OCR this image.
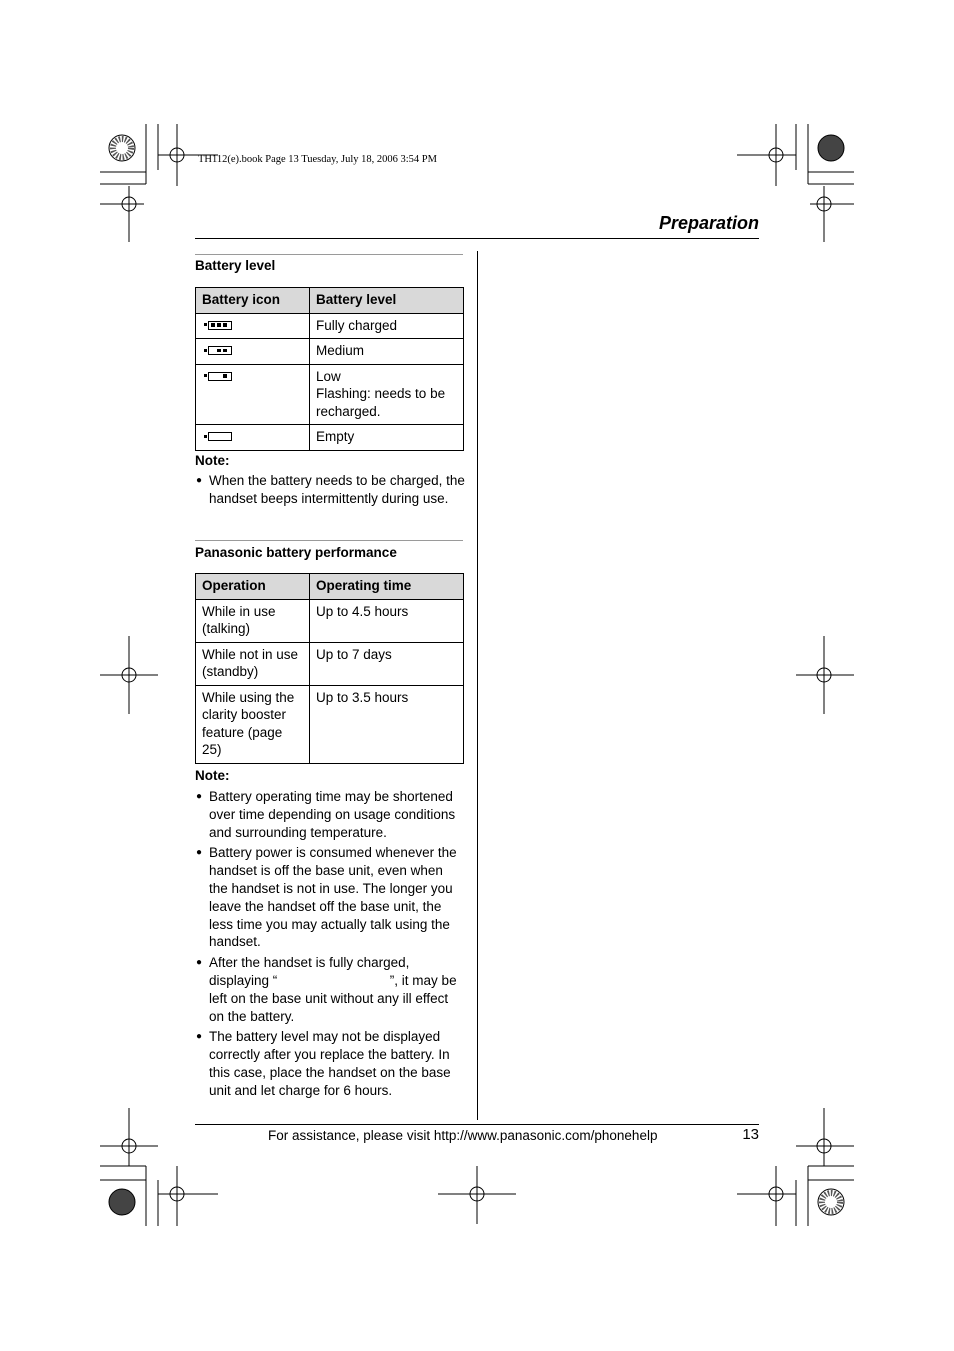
TH112(e).book Page 13 Tuesday, July 18, 2006 3:54 PM
Preparation
Battery level
Battery icon	Battery level

	Fully charged

	Medium

	Low
Flashing: needs to be recharged.
	Empty
Note:
● When the battery needs to be charged, the handset beeps intermittently during use.
Panasonic battery performance
Operation	Operating time
While in use (talking)	Up to 4.5 hours
While not in use (standby)	Up to 7 days
While using the clarity booster feature (page 25)	Up to 3.5 hours
Note:
● Battery operating time may be shortened over time depending on usage conditions and surrounding temperature.
● Battery power is consumed whenever the handset is off the base unit, even when the handset is not in use. The longer you leave the handset off the base unit, the less time you may actually talk using the handset.
● After the handset is fully charged, displaying “                              ”, it may be left on the base unit without any ill effect on the battery.
● The battery level may not be displayed correctly after you replace the battery. In this case, place the handset on the base unit and let charge for 6 hours.
For assistance, please visit http://www.panasonic.com/phonehelp	13
